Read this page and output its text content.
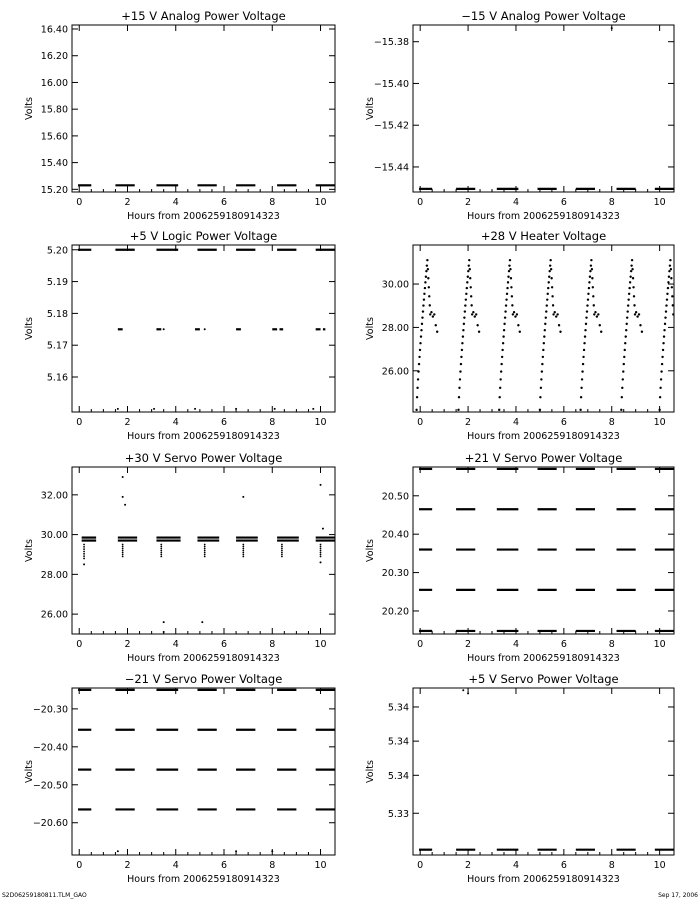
+15 V Analog Power Voltage
Hours from 2006259180914323
Volts
0	2	4	6	8	10
15.20
15.40
15.60
15.80
16.00
16.20
16.40
−15 V Analog Power Voltage
Hours from 2006259180914323
Volts
0	2	4	6	8	10
−15.44
−15.42
−15.40
−15.38
+5 V Logic Power Voltage
Hours from 2006259180914323
Volts
0	2	4	6	8	10
5.16
5.17
5.18
5.19
5.20
+28 V Heater Voltage
Hours from 2006259180914323
Volts
0	2	4	6	8	10
26.00
28.00
30.00
+30 V Servo Power Voltage
Hours from 2006259180914323
Volts
0	2	4	6	8	10
26.00
28.00
30.00
32.00
+21 V Servo Power Voltage
Hours from 2006259180914323
Volts
0	2	4	6	8	10
20.20
20.30
20.40
20.50
−21 V Servo Power Voltage
Hours from 2006259180914323
Volts
0	2	4	6	8	10
−20.60
−20.50
−20.40
−20.30
+5 V Servo Power Voltage
Hours from 2006259180914323
Volts
0	2	4	6	8	10
5.33
5.34
5.34
5.34
S2D06259180811.TLM_GAO	Sep 17, 2006
